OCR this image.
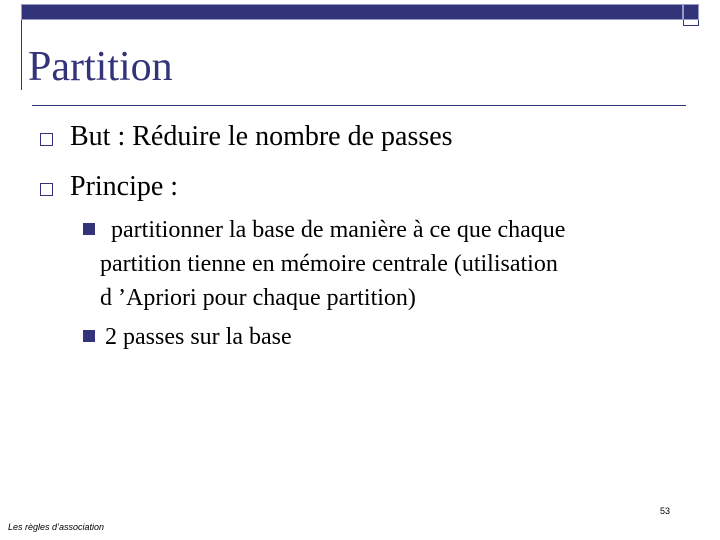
Partition
But : Réduire le nombre de passes
Principe :
partitionner la base de manière à ce que chaque
partition tienne en mémoire centrale (utilisation
d ’Apriori pour chaque partition)
2 passes sur la base
53
Les règles d’association
